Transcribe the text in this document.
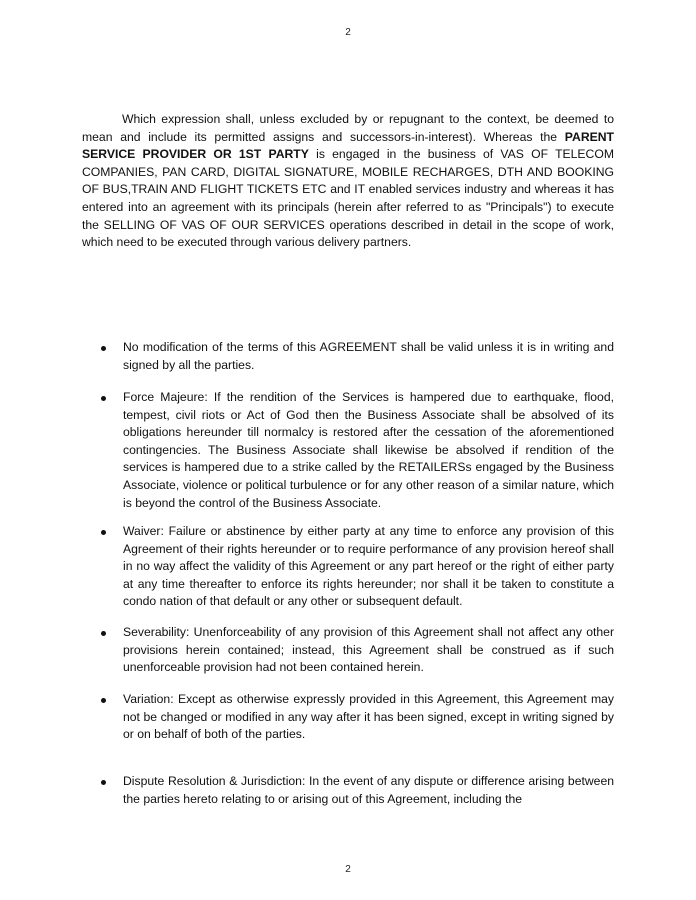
2

Which expression shall, unless excluded by or repugnant to the context, be deemed to mean and include its permitted assigns and successors-in-interest). Whereas the PARENT SERVICE PROVIDER OR 1ST PARTY is engaged in the business of VAS OF TELECOM COMPANIES, PAN CARD, DIGITAL SIGNATURE, MOBILE RECHARGES, DTH AND BOOKING OF BUS,TRAIN AND FLIGHT TICKETS ETC and IT enabled services industry and whereas it has entered into an agreement with its principals (herein after referred to as "Principals") to execute the SELLING OF VAS OF OUR SERVICES operations described in detail in the scope of work, which need to be executed through various delivery partners.

No modification of the terms of this AGREEMENT shall be valid unless it is in writing and signed by all the parties.
Force Majeure: If the rendition of the Services is hampered due to earthquake, flood, tempest, civil riots or Act of God then the Business Associate shall be absolved of its obligations hereunder till normalcy is restored after the cessation of the aforementioned contingencies. The Business Associate shall likewise be absolved if rendition of the services is hampered due to a strike called by the RETAILERSs engaged by the Business Associate, violence or political turbulence or for any other reason of a similar nature, which is beyond the control of the Business Associate.
Waiver: Failure or abstinence by either party at any time to enforce any provision of this Agreement of their rights hereunder or to require performance of any provision hereof shall in no way affect the validity of this Agreement or any part hereof or the right of either party at any time thereafter to enforce its rights hereunder; nor shall it be taken to constitute a condo nation of that default or any other or subsequent default.
Severability: Unenforceability of any provision of this Agreement shall not affect any other provisions herein contained; instead, this Agreement shall be construed as if such unenforceable provision had not been contained herein.
Variation: Except as otherwise expressly provided in this Agreement, this Agreement may not be changed or modified in any way after it has been signed, except in writing signed by or on behalf of both of the parties.
Dispute Resolution & Jurisdiction: In the event of any dispute or difference arising between the parties hereto relating to or arising out of this Agreement, including the
2
